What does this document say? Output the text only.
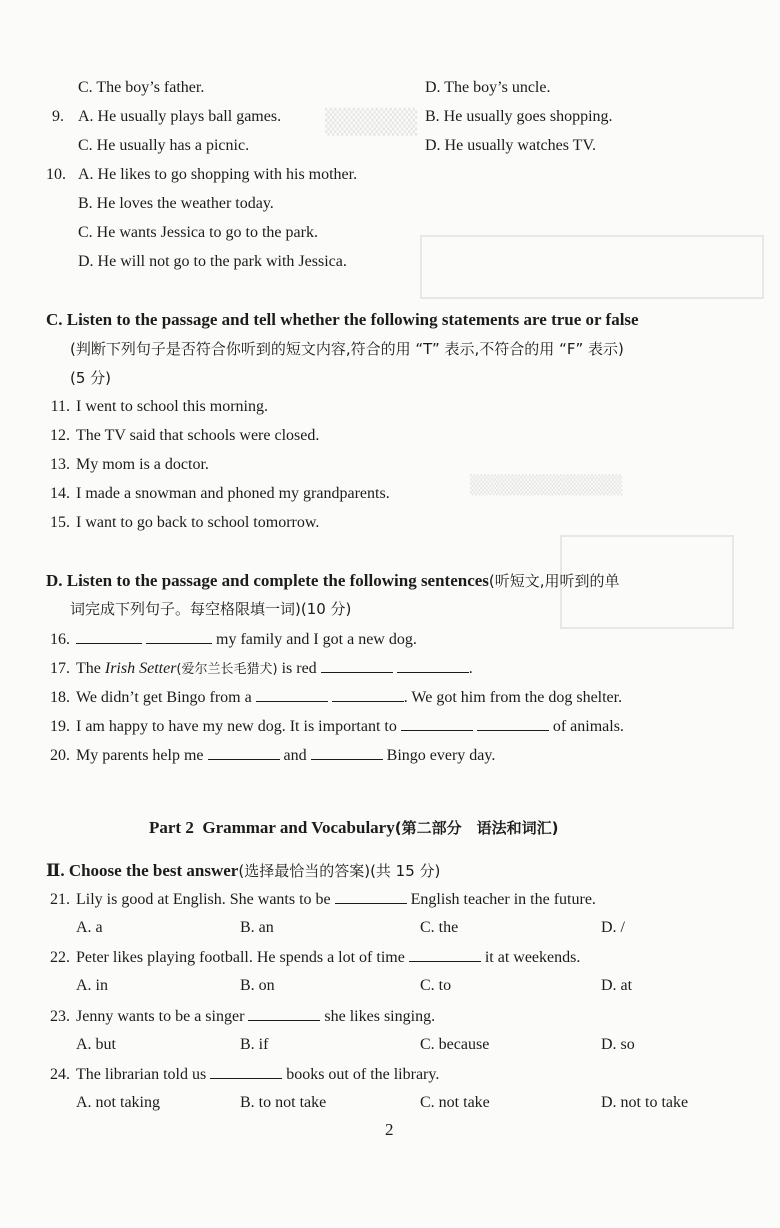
▒▒▒▒▒
▒▒▒▒▒▒▒▒▒▒▒
C. The boy’s father.	D. The boy’s uncle.
9. A. He usually plays ball games.	B. He usually goes shopping.
C. He usually has a picnic.	D. He usually watches TV.
10. A. He likes to go shopping with his mother.
B. He loves the weather today.
C. He wants Jessica to go to the park.
D. He will not go to the park with Jessica.
C. Listen to the passage and tell whether the following statements are true or false
(判断下列句子是否符合你听到的短文内容,符合的用 “T” 表示,不符合的用 “F” 表示)
(5 分)
11. I went to school this morning.
12. The TV said that schools were closed.
13. My mom is a doctor.
14. I made a snowman and phoned my grandparents.
15. I want to go back to school tomorrow.
D. Listen to the passage and complete the following sentences(听短文,用听到的单
词完成下列句子。每空格限填一词)(10 分)
16.	my family and I got a new dog.
17. The Irish Setter(爱尔兰长毛猎犬) is red	.
18. We didn’t get Bingo from a	. We got him from the dog shelter.
19. I am happy to have my new dog. It is important to	of animals.
20. My parents help me	and	Bingo every day.
Part 2  Grammar and Vocabulary(第二部分　语法和词汇)
Ⅱ. Choose the best answer(选择最恰当的答案)(共 15 分)
21. Lily is good at English. She wants to be	English teacher in the future.
A. a	B. an	C. the	D. /
22. Peter likes playing football. He spends a lot of time	it at weekends.
A. in	B. on	C. to	D. at
23. Jenny wants to be a singer	she likes singing.
A. but	B. if	C. because	D. so
24. The librarian told us	books out of the library.
A. not taking	B. to not take	C. not take	D. not to take
2
